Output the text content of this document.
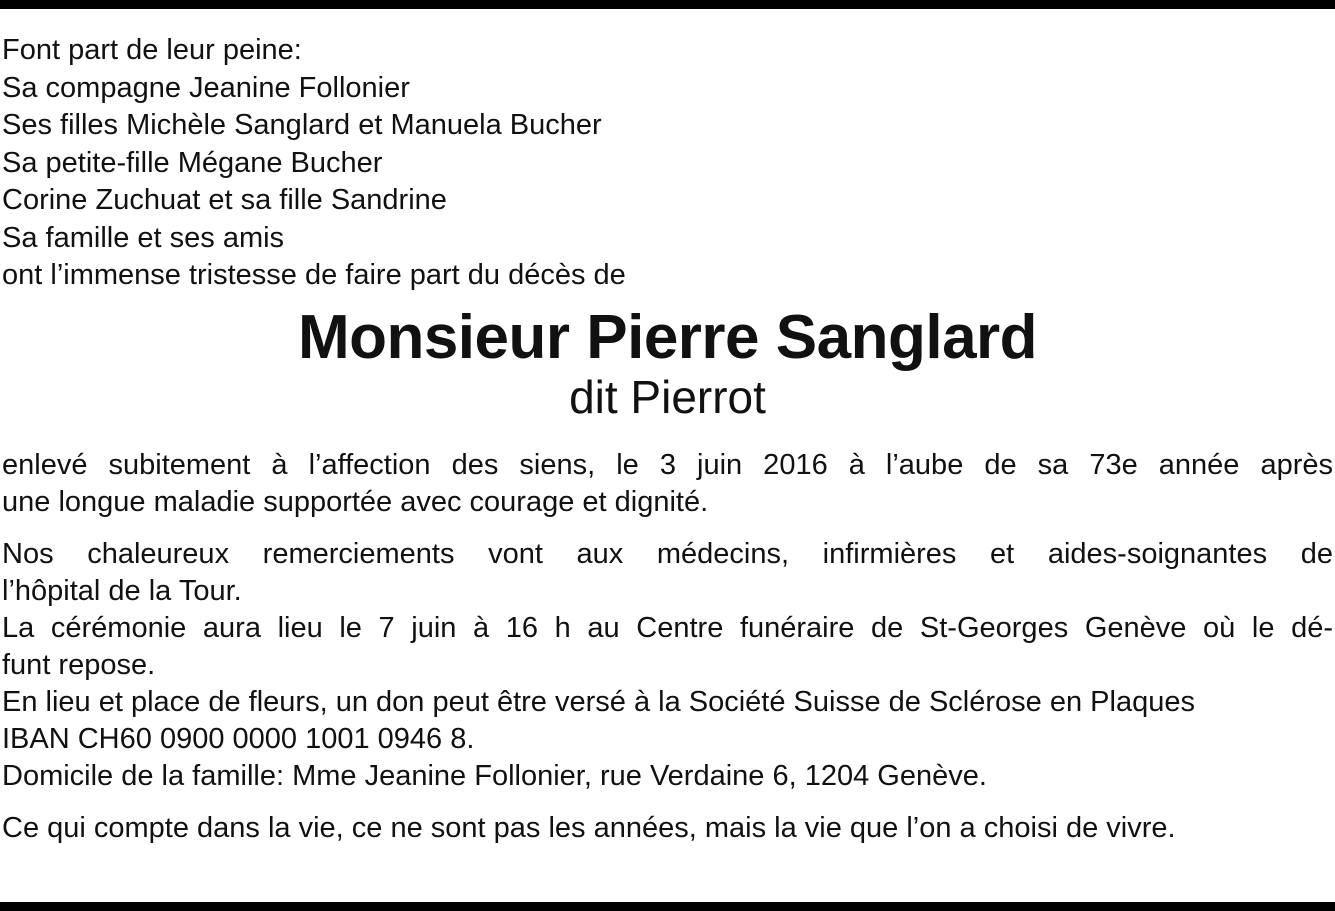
Font part de leur peine:
Sa compagne Jeanine Follonier
Ses filles Michèle Sanglard et Manuela Bucher
Sa petite-fille Mégane Bucher
Corine Zuchuat et sa fille Sandrine
Sa famille et ses amis
ont l’immense tristesse de faire part du décès de
Monsieur Pierre Sanglard
dit Pierrot
enlevé subitement à l’affection des siens, le 3 juin 2016 à l’aube de sa 73e année après
une longue maladie supportée avec courage et dignité.
Nos chaleureux remerciements vont aux médecins, infirmières et aides-soignantes de
l’hôpital de la Tour.
La cérémonie aura lieu le 7 juin à 16 h au Centre funéraire de St-Georges Genève où le dé-
funt repose.
En lieu et place de fleurs, un don peut être versé à la Société Suisse de Sclérose en Plaques
IBAN CH60 0900 0000 1001 0946 8.
Domicile de la famille: Mme Jeanine Follonier, rue Verdaine 6, 1204 Genève.
Ce qui compte dans la vie, ce ne sont pas les années, mais la vie que l’on a choisi de vivre.
